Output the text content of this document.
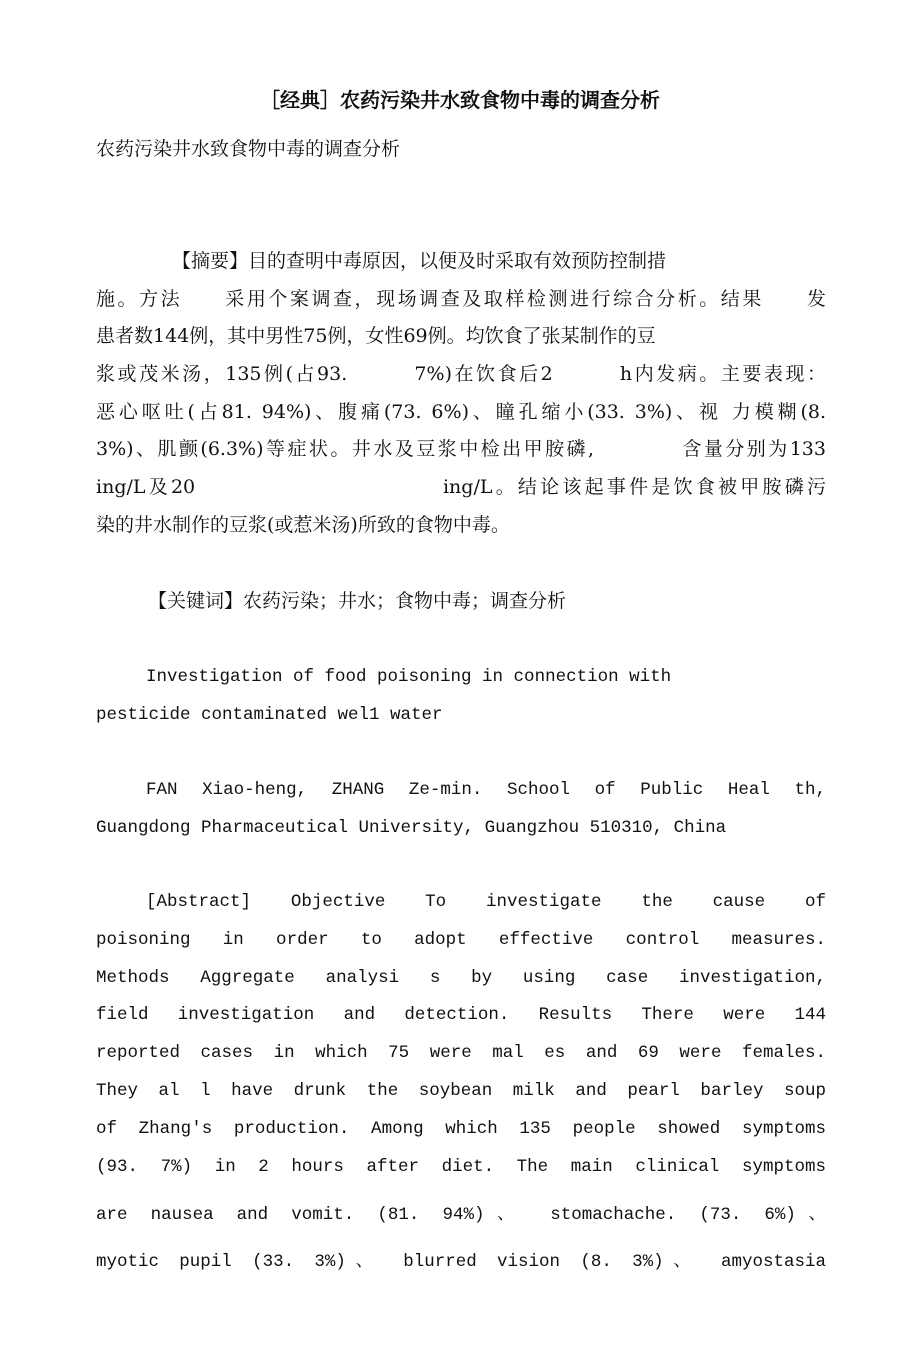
［经典］农药污染井水致食物中毒的调查分析
农药污染井水致食物中毒的调查分析
【摘要】目的查明中毒原因，以便及时采取有效预防控制措
施。方法　　采用个案调查，现场调查及取样检测进行综合分析。结果　　发
患者数144例，其中男性75例，女性69例。均饮食了张某制作的豆
浆或茂米汤，135例(占93.　　　7%)在饮食后2　　　h内发病。主要表现：
恶心呕吐(占81. 94%)、腹痛(73. 6%)、瞳孔缩小(33. 3%)、视 力模糊(8.
3%)、肌颤(6.3%)等症状。井水及豆浆中检出甲胺磷,　　　　含量分别为133
ing/L及20　　　　　　　　　　　ing/L。结论该起事件是饮食被甲胺磷污
染的井水制作的豆浆(或惹米汤)所致的食物中毒。
【关键词】农药污染；井水；食物中毒；调查分析
Investigation of food poisoning in connection with
pesticide contaminated wel1 water
FAN Xiao-heng, ZHANG Ze-min. School of Public Heal th,
Guangdong Pharmaceutical University, Guangzhou 510310, China
[Abstract] Objective To investigate the cause of
poisoning in order to adopt effective control measures.
Methods Aggregate analysi s by using case investigation,
field investigation and detection. Results There were 144
reported cases in which 75 were mal es and 69 were females.
They al l have drunk the soybean milk and pearl barley soup
of Zhang's production. Among which 135 people showed symptoms
(93. 7%) in 2 hours after diet. The main clinical symptoms
are nausea and vomit. (81. 94%)、 stomachache. (73. 6%)、
myotic pupil (33. 3%)、 blurred vision (8. 3%)、 amyostasia
